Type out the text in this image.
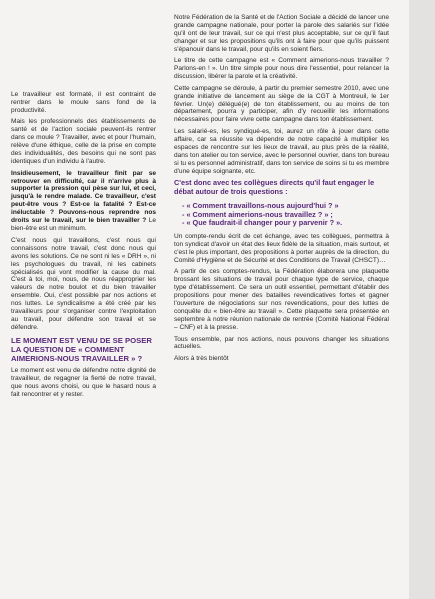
Le travailleur est formaté, il est contraint de rentrer dans le moule sans fond de la productivité.

Mais les professionnels des établissements de santé et de l'action sociale peuvent-ils rentrer dans ce moule ? Travailler, avec et pour l'humain, relève d'une éthique, celle de la prise en compte des individualités, des besoins qui ne sont pas identiques d'un individu à l'autre.

Insidieusement, le travailleur finit par se retrouver en difficulté, car il n'arrive plus à supporter la pression qui pèse sur lui, et ceci, jusqu'à le rendre malade. Ce travailleur, c'est peut-être vous ? Est-ce la fatalité ? Est-ce inéluctable ? Pouvons-nous reprendre nos droits sur le travail, sur le bien travailler ? Le bien-être est un minimum.

C'est nous qui travaillons, c'est nous qui connaissons notre travail, c'est donc nous qui avons les solutions. Ce ne sont ni les « DRH », ni les psychologues du travail, ni les cabinets spécialisés qui vont modifier la cause du mal. C'est à toi, moi, nous, de nous réapproprier les valeurs de notre boulot et du bien travailler ensemble. Oui, c'est possible par nos actions et nos luttes. Le syndicalisme a été créé par les travailleurs pour s'organiser contre l'exploitation au travail, pour défendre son travail et se défendre.

LE MOMENT EST VENU DE SE POSER LA QUESTION DE « COMMENT AIMERIONS-NOUS TRAVAILLER » ?

Le moment est venu de défendre notre dignité de travailleur, de regagner la fierté de notre travail, que nous avons choisi, ou que le hasard nous a fait rencontrer et y rester.

Notre Fédération de la Santé et de l'Action Sociale a décidé de lancer une grande campagne nationale, pour porter la parole des salariés sur l'idée qu'il ont de leur travail, sur ce qui n'est plus acceptable, sur ce qu'il faut changer et sur les propositions qu'ils ont à faire pour que qu'ils puissent s'épanouir dans le travail, pour qu'ils en soient fiers.

Le titre de cette campagne est « Comment aimerions-nous travailler ? Parlons-en ! ». Un titre simple pour nous dire l'essentiel, pour relancer la discussion, libérer la parole et la créativité.

Cette campagne se déroule, à partir du premier semestre 2010, avec une grande initiative de lancement au siège de la CGT à Montreuil, le 1er février. Un(e) délégué(e) de ton établissement, ou au moins de ton département, pourra y participer, afin d'y recueillir les informations nécessaires pour faire vivre cette campagne dans ton établissement.

Les salarié-es, les syndiqué-es, toi, aurez un rôle à jouer dans cette affaire, car sa réussite va dépendre de notre capacité à multiplier les espaces de rencontre sur les lieux de travail, au plus près de la réalité, dans ton atelier ou ton service, avec le personnel ouvrier, dans ton bureau si tu es personnel administratif, dans ton service de soins si tu es membre d'une équipe soignante, etc.

C'est donc avec tes collègues directs qu'il faut engager le débat autour de trois questions :
- « Comment travaillons-nous aujourd'hui ? »
- « Comment aimerions-nous travaillez ? » ;
- « Que faudrait-il changer pour y parvenir ? ».

Un compte-rendu écrit de cet échange, avec tes collègues, permettra à ton syndicat d'avoir un état des lieux fidèle de la situation, mais surtout, et c'est le plus important, des propositions à porter auprès de la direction, du Comité d'Hygiène et de Sécurité et des Conditions de Travail (CHSCT)…

A partir de ces comptes-rendus, la Fédération élaborera une plaquette brossant les situations de travail pour chaque type de service, chaque type d'établissement. Ce sera un outil essentiel, permettant d'établir des propositions pour mener des batailles revendicatives fortes et gagner l'ouverture de négociations sur nos revendications, pour des luttes de conquête du « bien-être au travail ». Cette plaquette sera présentée en septembre à notre réunion nationale de rentrée (Comité National Fédéral – CNF) et à la presse.

Tous ensemble, par nos actions, nous pouvons changer les situations actuelles.

Alors à très bientôt
